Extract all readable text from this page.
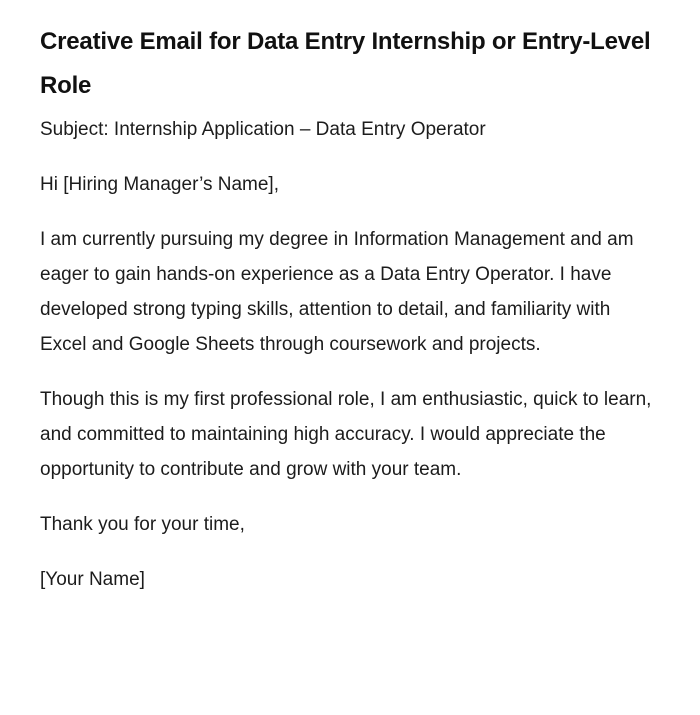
Creative Email for Data Entry Internship or Entry-Level Role

Subject: Internship Application – Data Entry Operator

Hi [Hiring Manager’s Name],

I am currently pursuing my degree in Information Management and am eager to gain hands-on experience as a Data Entry Operator. I have developed strong typing skills, attention to detail, and familiarity with Excel and Google Sheets through coursework and projects.

Though this is my first professional role, I am enthusiastic, quick to learn, and committed to maintaining high accuracy. I would appreciate the opportunity to contribute and grow with your team.

Thank you for your time,

[Your Name]
